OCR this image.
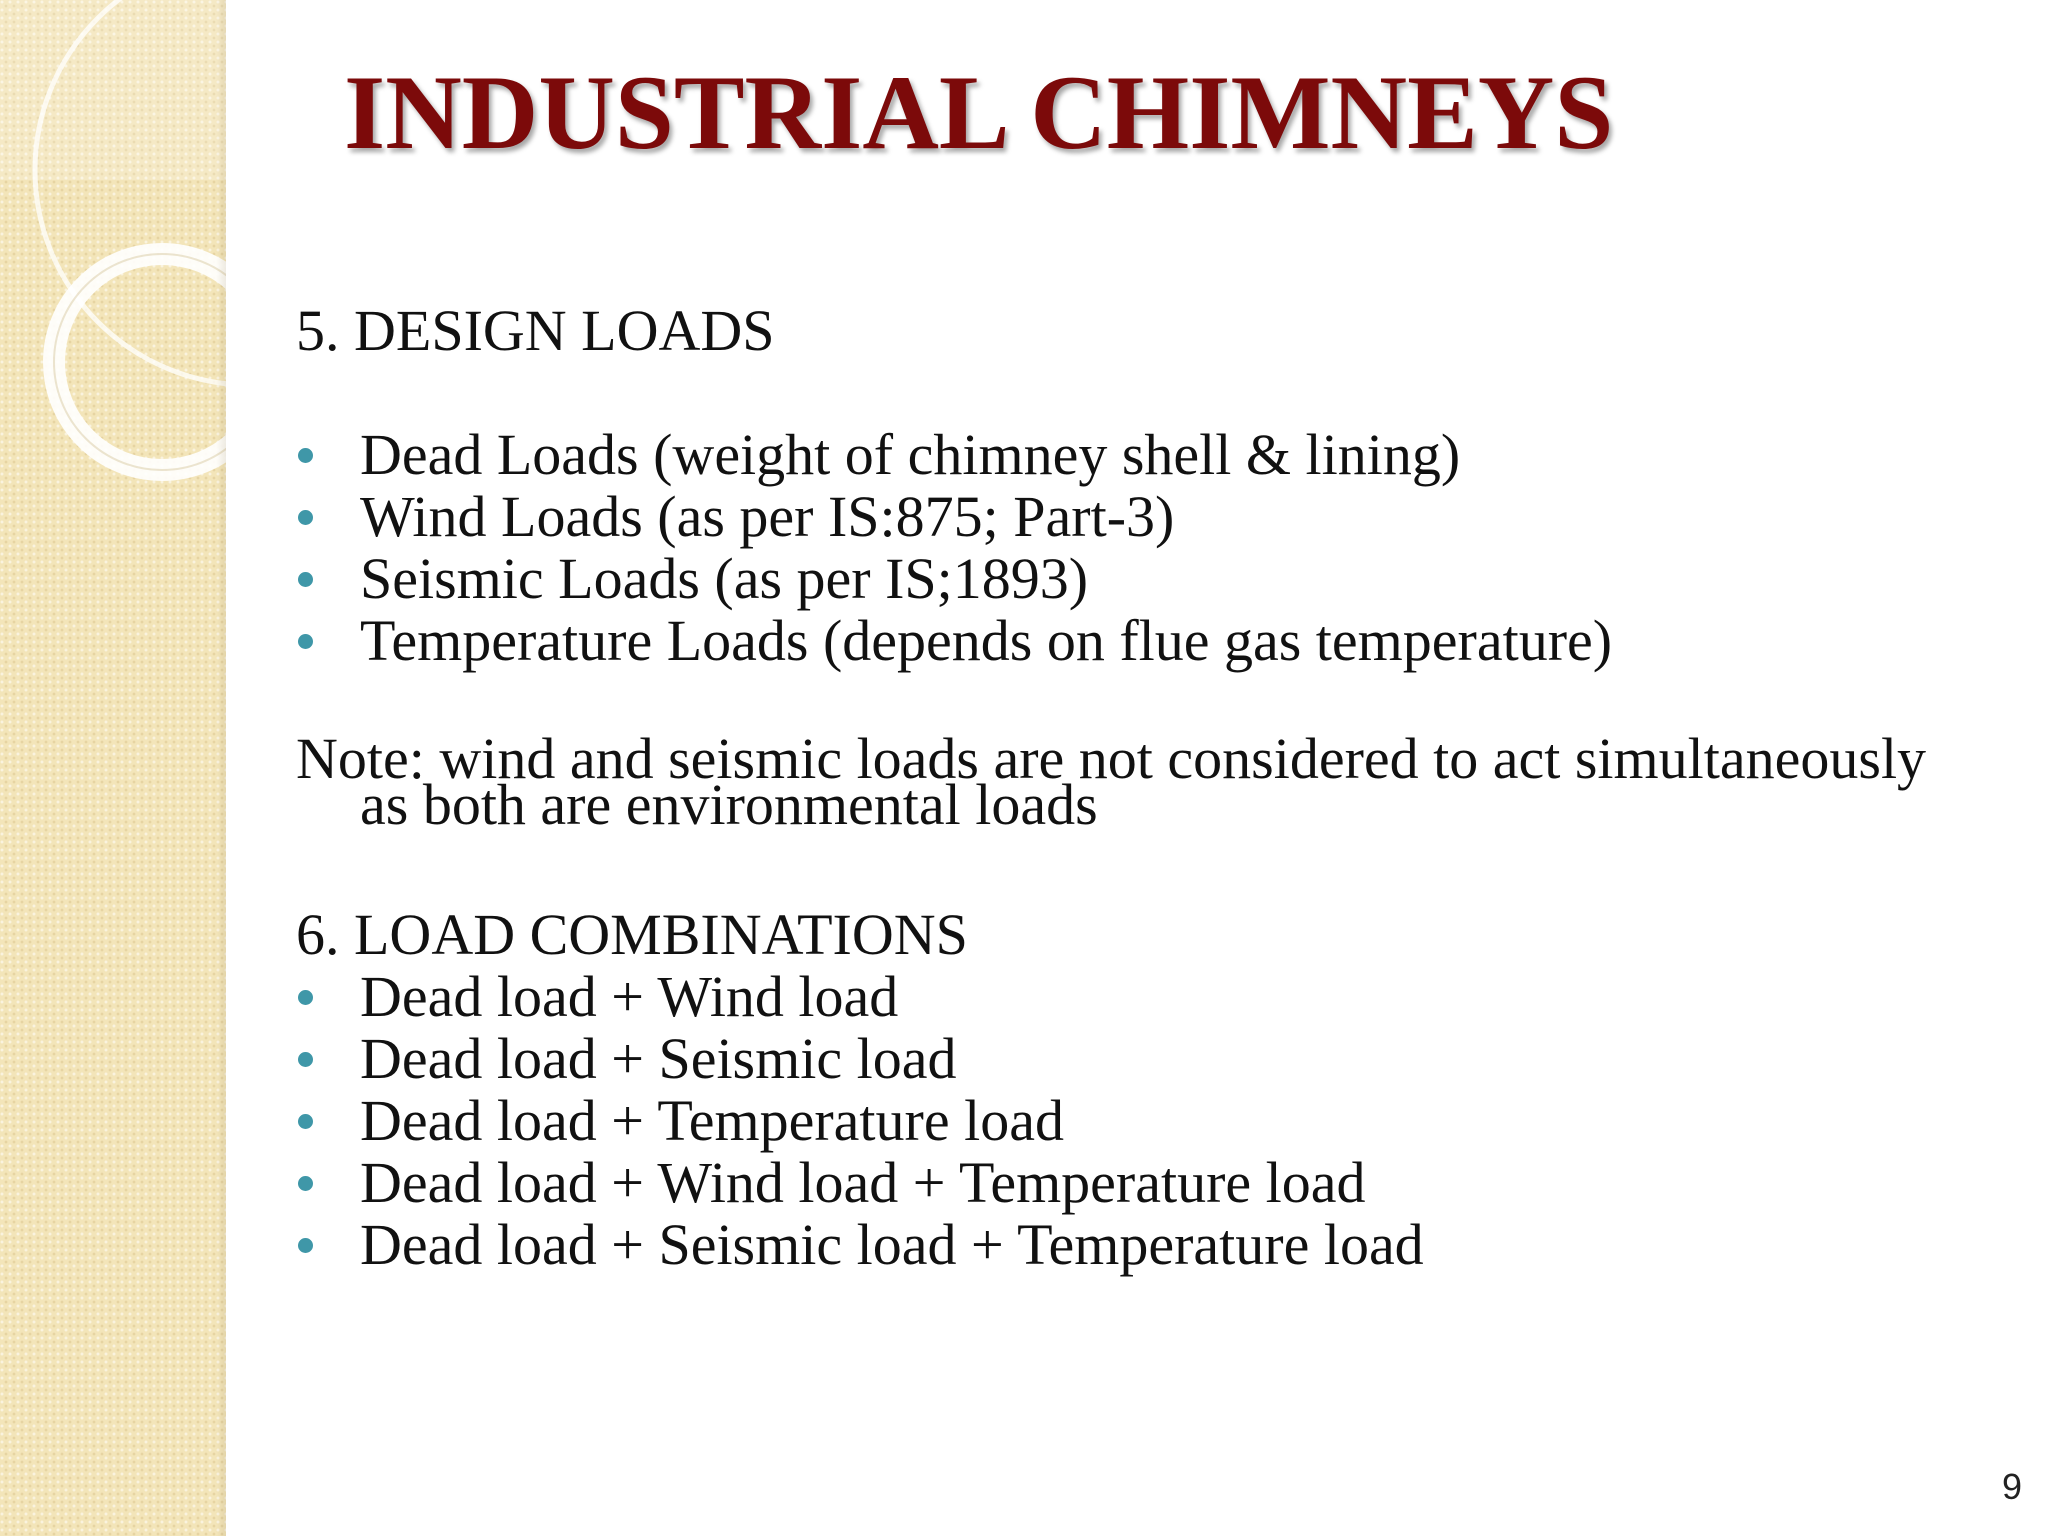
INDUSTRIAL CHIMNEYS
5. DESIGN LOADS
Dead Loads (weight of chimney shell & lining)
Wind Loads (as per IS:875; Part-3)
Seismic Loads (as per IS;1893)
Temperature Loads (depends on flue gas temperature)
Note: wind and seismic loads are not considered to act simultaneously
as both are environmental loads
6. LOAD COMBINATIONS
Dead load + Wind load
Dead load + Seismic load
Dead load + Temperature load
Dead load + Wind load + Temperature load
Dead load + Seismic load + Temperature load
9
